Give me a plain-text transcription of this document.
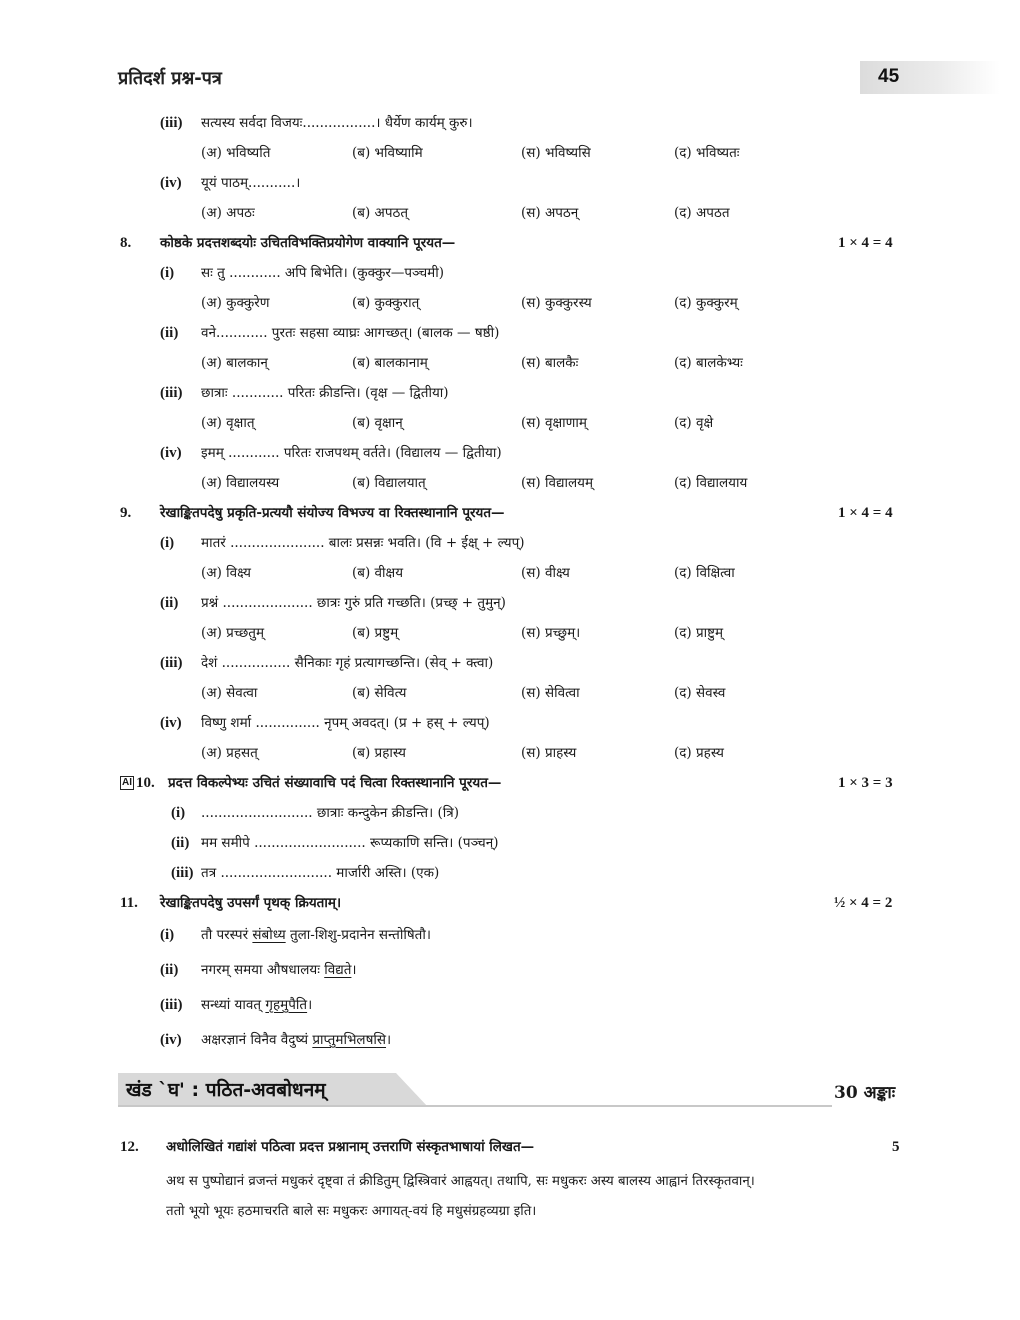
प्रतिदर्श प्रश्न-पत्र	45
(iii) सत्यस्य सर्वदा विजयः.................। धैर्येण कार्यम् कुरु।
(अ) भविष्यति	(ब) भविष्यामि	(स) भविष्यसि	(द) भविष्यतः
(iv) यूयं पाठम्...........।
(अ) अपठः	(ब) अपठत्	(स) अपठन्	(द) अपठत
8. कोष्ठके प्रदत्तशब्दयोः उचितविभक्तिप्रयोगेण वाक्यानि पूरयत—	1 × 4 = 4
(i) सः तु ............ अपि बिभेति। (कुक्कुर—पञ्चमी)
(अ) कुक्कुरेण	(ब) कुक्कुरात्	(स) कुक्कुरस्य	(द) कुक्कुरम्
(ii) वने............ पुरतः सहसा व्याघ्रः आगच्छत्। (बालक — षष्ठी)
(अ) बालकान्	(ब) बालकानाम्	(स) बालकैः	(द) बालकेभ्यः
(iii) छात्राः ............ परितः क्रीडन्ति। (वृक्ष — द्वितीया)
(अ) वृक्षात्	(ब) वृक्षान्	(स) वृक्षाणाम्	(द) वृक्षे
(iv) इमम् ............ परितः राजपथम् वर्तते। (विद्यालय — द्वितीया)
(अ) विद्यालयस्य	(ब) विद्यालयात्	(स) विद्यालयम्	(द) विद्यालयाय
9. रेखाङ्कितपदेषु प्रकृति-प्रत्ययौ संयोज्य विभज्य वा रिक्तस्थानानि पूरयत—	1 × 4 = 4
(i) मातरं ...................... बालः प्रसन्नः भवति। (वि + ईक्ष् + ल्यप्)
(अ) विक्ष्य	(ब) वीक्षय	(स) वीक्ष्य	(द) विक्षित्वा
(ii) प्रश्नं ..................... छात्रः गुरुं प्रति गच्छति। (प्रच्छ् + तुमुन्)
(अ) प्रच्छतुम्	(ब) प्रष्टुम्	(स) प्रच्छुम्।	(द) प्राष्टुम्
(iii) देशं ................ सैनिकाः गृहं प्रत्यागच्छन्ति। (सेव् + क्त्वा)
(अ) सेवत्वा	(ब) सेवित्य	(स) सेवित्वा	(द) सेवस्व
(iv) विष्णु शर्मा ............... नृपम् अवदत्। (प्र + हस् + ल्यप्)
(अ) प्रहसत्	(ब) प्रहास्य	(स) प्राहस्य	(द) प्रहस्य
AI 10. प्रदत्त विकल्पेभ्यः उचितं संख्यावाचि पदं चित्वा रिक्तस्थानानि पूरयत—	1 × 3 = 3
(i) .......................... छात्राः कन्दुकेन क्रीडन्ति। (त्रि)
(ii) मम समीपे .......................... रूप्यकाणि सन्ति। (पञ्चन्)
(iii) तत्र .......................... मार्जारी अस्ति। (एक)
11. रेखाङ्कितपदेषु उपसर्गं पृथक् क्रियताम्।	½ × 4 = 2
(i) तौ परस्परं संबोध्य तुला-शिशु-प्रदानेन सन्तोषितौ।
(ii) नगरम् समया औषधालयः विद्यते।
(iii) सन्ध्यां यावत् गृहमुपैति।
(iv) अक्षरज्ञानं विनैव वैदुष्यं प्राप्तुमभिलषसि।
खंड `घ' : पठित-अवबोधनम्	30 अङ्काः
12. अधोलिखितं गद्यांशं पठित्वा प्रदत्त प्रश्नानाम् उत्तराणि संस्कृतभाषायां लिखत—	5
अथ स पुष्पोद्यानं व्रजन्तं मधुकरं दृष्ट्वा तं क्रीडितुम् द्विस्त्रिवारं आह्वयत्। तथापि, सः मधुकरः अस्य बालस्य आह्वानं तिरस्कृतवान्।
ततो भूयो भूयः हठमाचरति बाले सः मधुकरः अगायत्-वयं हि मधुसंग्रहव्यग्रा इति।
